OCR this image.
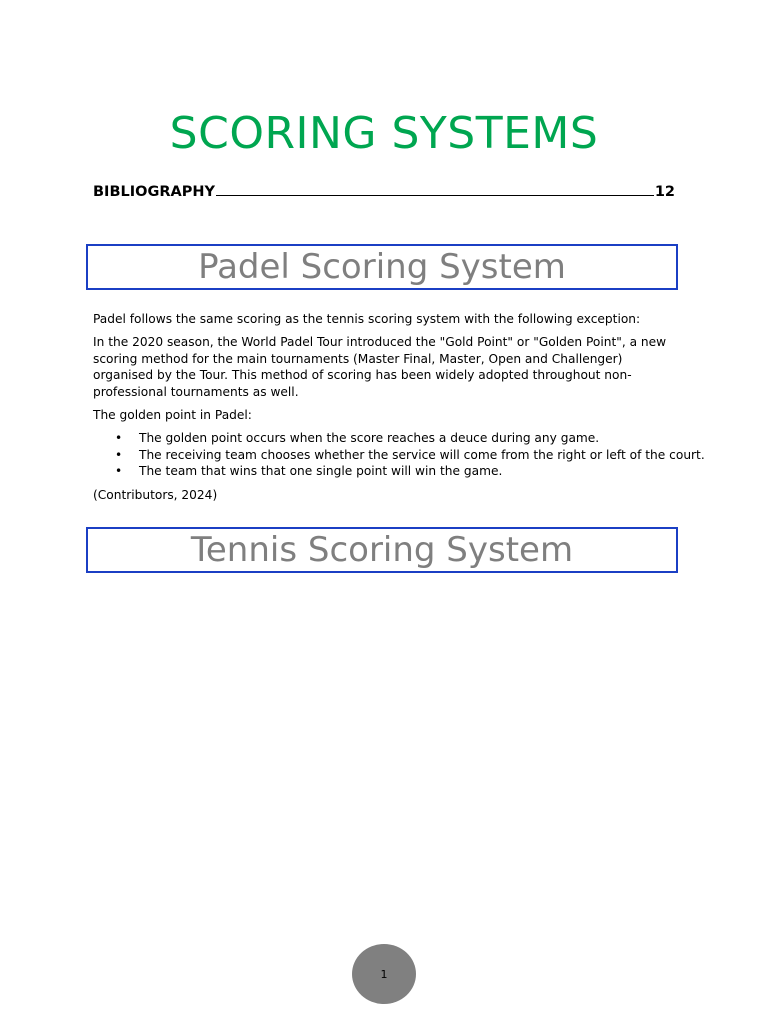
SCORING SYSTEMS
BIBLIOGRAPHY	12
Padel Scoring System

Padel follows the same scoring as the tennis scoring system with the following exception:

In the 2020 season, the World Padel Tour introduced the "Gold Point" or "Golden Point", a new scoring method for the main tournaments (Master Final, Master, Open and Challenger) organised by the Tour. This method of scoring has been widely adopted throughout non-professional tournaments as well.

The golden point in Padel:

• The golden point occurs when the score reaches a deuce during any game.
• The receiving team chooses whether the service will come from the right or left of the court.
• The team that wins that one single point will win the game.

(Contributors, 2024)

Tennis Scoring System
1
